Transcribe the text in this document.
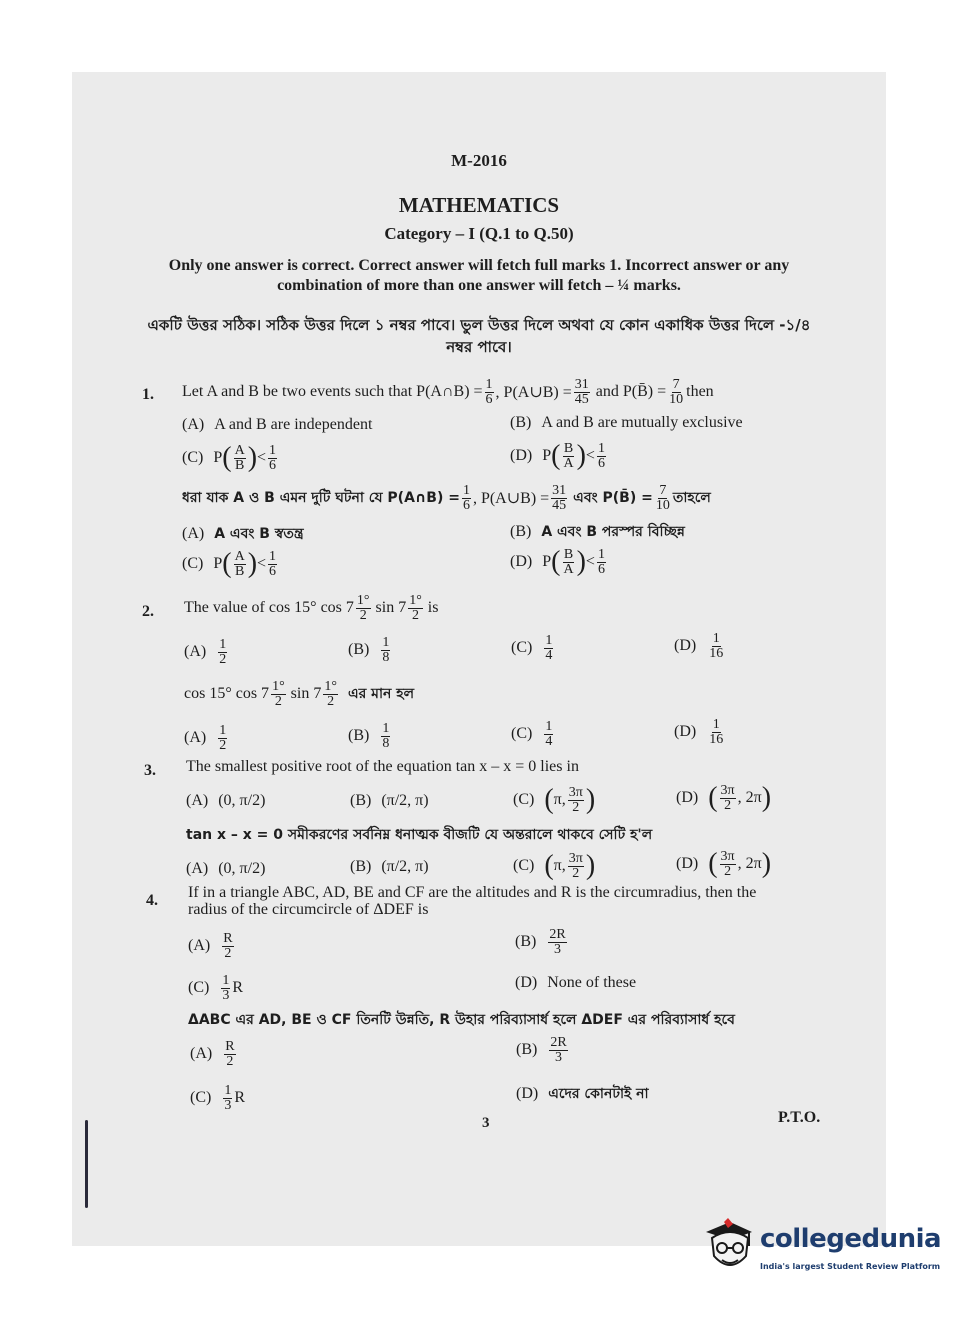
M-2016
MATHEMATICS
Category – I (Q.1 to Q.50)
Only one answer is correct. Correct answer will fetch full marks 1. Incorrect answer or any
combination of more than one answer will fetch – ¼ marks.
একটি উত্তর সঠিক। সঠিক উত্তর দিলে ১ নম্বর পাবে। ভুল উত্তর দিলে অথবা যে কোন একাধিক উত্তর দিলে -১/৪
নম্বর পাবে।
1. Let A and B be two events such that P(A∩B) = $\frac{1}{6}$ , P(A∪B) = $\frac{31}{45}$ and P(B̄) = $\frac{7}{10}$ then
(A) A and B are independent	(B) A and B are mutually exclusive
(C) P ( $\frac{A}{B}$ ) < $\frac{1}{6}$	(D) P ( $\frac{B}{A}$ ) < $\frac{1}{6}$
ধরা যাক A ও B এমন দুটি ঘটনা যে P(A∩B) = $\frac{1}{6}$ , P(A∪B) = $\frac{31}{45}$ এবং P(B̄) = $\frac{7}{10}$ তাহলে
(A) A এবং B স্বতন্ত্র	(B) A এবং B পরস্পর বিচ্ছিন্ন
(C) P ( $\frac{A}{B}$ ) < $\frac{1}{6}$	(D) P ( $\frac{B}{A}$ ) < $\frac{1}{6}$
2. The value of cos 15° $\cos 7 \frac{1^\circ}{2}$ $\sin 7 \frac{1^\circ}{2}$ is
$(A) \frac{1}{2}$	$(B) \frac{1}{8}$	$(C) \frac{1}{4}$	$(D) \frac{1}{16}$
cos 15° $\cos 7 \frac{1^\circ}{2}$ $\sin 7 \frac{1^\circ}{2}$ এর মান হল
$(A) \frac{1}{2}$	$(B) \frac{1}{8}$	$(C) \frac{1}{4}$	$(D) \frac{1}{16}$
3. The smallest positive root of the equation tan x – x = 0 lies in
(A) (0, π/2)	(B) (π/2, π)	(C) ( π, $\frac{3\pi}{2}$ )	(D) ( $\frac{3\pi}{2}$ , 2π )
tan x – x = 0 সমীকরণের সর্বনিম্ন ধনাত্মক বীজটি যে অন্তরালে থাকবে সেটি হ'ল
(A) (0, π/2)	(B) (π/2, π)	(C) ( π, $\frac{3\pi}{2}$ )	(D) ( $\frac{3\pi}{2}$ , 2π )
4. If in a triangle ABC, AD, BE and CF are the altitudes and R is the circumradius, then the
radius of the circumcircle of ΔDEF is
$(A) \frac{R}{2}$	$(B) \frac{2R}{3}$
$(C) \frac{1}{3}$ R	(D) None of these
ΔABC এর AD, BE ও CF তিনটি উন্নতি, R উহার পরিব্যাসার্ধ হলে ΔDEF এর পরিব্যাসার্ধ হবে
$(A) \frac{R}{2}$	$(B) \frac{2R}{3}$
$(C) \frac{1}{3}$ R	(D) এদের কোনটাই না
3	P.T.O.
collegedunia
India's largest Student Review Platform
